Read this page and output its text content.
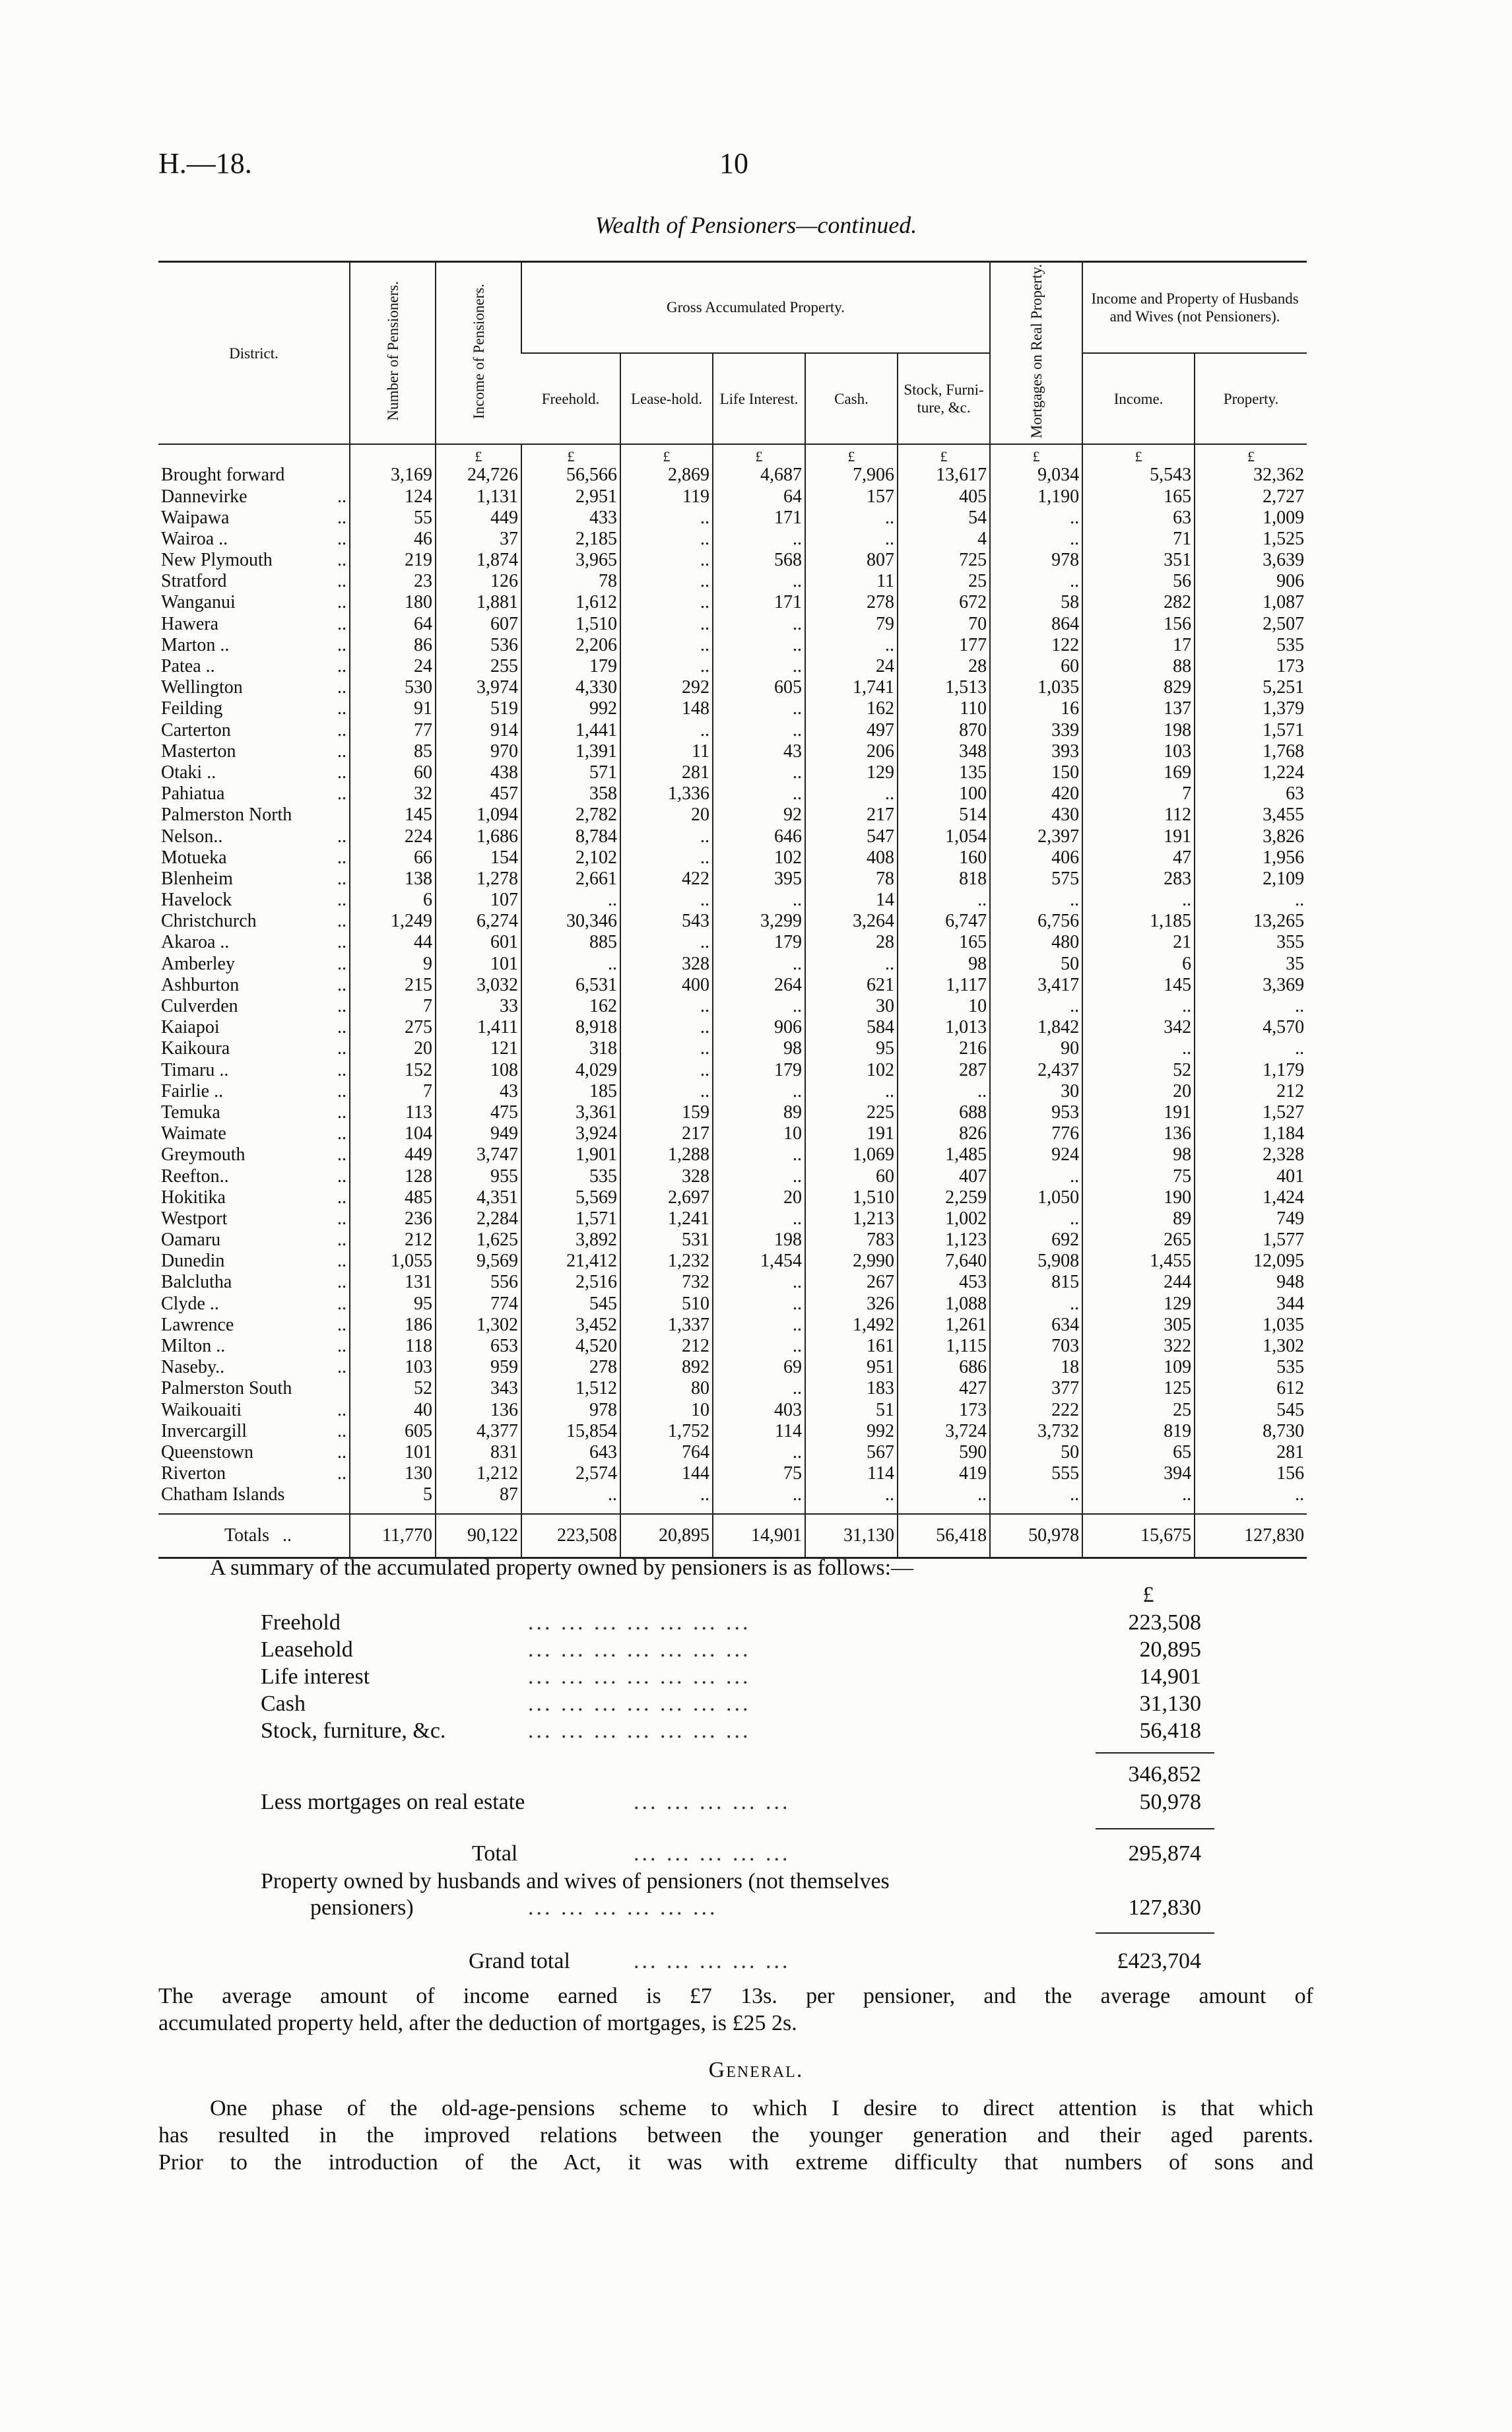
H.—18.	10
Wealth of Pensioners—continued.
District.	Number of Pensioners.	Income of Pensioners.	Gross Accumulated Property.					Mortgages on Real Property.	Income and Property of Husbands and Wives (not Pensioners).	
			Freehold.	Lease-hold.	Life Interest.	Cash.	Stock, Furni-ture, &c.		Income.	Property.
		£	£	£	£	£	£	£	£	£
Brought forward	3,169	24,726	56,566	2,869	4,687	7,906	13,617	9,034	5,543	32,362
Dannevirke ..	124	1,131	2,951	119	64	157	405	1,190	165	2,727
Waipawa ..	55	449	433	..	171	..	54	..	63	1,009
Wairoa .. ..	46	37	2,185	..	..	..	4	..	71	1,525
New Plymouth ..	219	1,874	3,965	..	568	807	725	978	351	3,639
Stratford ..	23	126	78	..	..	11	25	..	56	906
Wanganui ..	180	1,881	1,612	..	171	278	672	58	282	1,087
Hawera ..	64	607	1,510	..	..	79	70	864	156	2,507
Marton .. ..	86	536	2,206	..	..	..	177	122	17	535
Patea .. ..	24	255	179	..	..	24	28	60	88	173
Wellington ..	530	3,974	4,330	292	605	1,741	1,513	1,035	829	5,251
Feilding ..	91	519	992	148	..	162	110	16	137	1,379
Carterton ..	77	914	1,441	..	..	497	870	339	198	1,571
Masterton ..	85	970	1,391	11	43	206	348	393	103	1,768
Otaki .. ..	60	438	571	281	..	129	135	150	169	1,224
Pahiatua ..	32	457	358	1,336	..	..	100	420	7	63
Palmerston North	145	1,094	2,782	20	92	217	514	430	112	3,455
Nelson.. ..	224	1,686	8,784	..	646	547	1,054	2,397	191	3,826
Motueka ..	66	154	2,102	..	102	408	160	406	47	1,956
Blenheim ..	138	1,278	2,661	422	395	78	818	575	283	2,109
Havelock ..	6	107	..	..	..	14	..	..	..	..
Christchurch ..	1,249	6,274	30,346	543	3,299	3,264	6,747	6,756	1,185	13,265
Akaroa .. ..	44	601	885	..	179	28	165	480	21	355
Amberley ..	9	101	..	328	..	..	98	50	6	35
Ashburton ..	215	3,032	6,531	400	264	621	1,117	3,417	145	3,369
Culverden ..	7	33	162	..	..	30	10	..	..	..
Kaiapoi ..	275	1,411	8,918	..	906	584	1,013	1,842	342	4,570
Kaikoura ..	20	121	318	..	98	95	216	90	..	..
Timaru .. ..	152	108	4,029	..	179	102	287	2,437	52	1,179
Fairlie .. ..	7	43	185	..	..	..	..	30	20	212
Temuka ..	113	475	3,361	159	89	225	688	953	191	1,527
Waimate ..	104	949	3,924	217	10	191	826	776	136	1,184
Greymouth ..	449	3,747	1,901	1,288	..	1,069	1,485	924	98	2,328
Reefton.. ..	128	955	535	328	..	60	407	..	75	401
Hokitika ..	485	4,351	5,569	2,697	20	1,510	2,259	1,050	190	1,424
Westport ..	236	2,284	1,571	1,241	..	1,213	1,002	..	89	749
Oamaru ..	212	1,625	3,892	531	198	783	1,123	692	265	1,577
Dunedin ..	1,055	9,569	21,412	1,232	1,454	2,990	7,640	5,908	1,455	12,095
Balclutha ..	131	556	2,516	732	..	267	453	815	244	948
Clyde .. ..	95	774	545	510	..	326	1,088	..	129	344
Lawrence ..	186	1,302	3,452	1,337	..	1,492	1,261	634	305	1,035
Milton .. ..	118	653	4,520	212	..	161	1,115	703	322	1,302
Naseby.. ..	103	959	278	892	69	951	686	18	109	535
Palmerston South	52	343	1,512	80	..	183	427	377	125	612
Waikouaiti ..	40	136	978	10	403	51	173	222	25	545
Invercargill ..	605	4,377	15,854	1,752	114	992	3,724	3,732	819	8,730
Queenstown ..	101	831	643	764	..	567	590	50	65	281
Riverton ..	130	1,212	2,574	144	75	114	419	555	394	156
Chatham Islands	5	87	..	..	..	..	..	..	..	..

Totals ..	11,770	90,122	223,508	20,895	14,901	31,130	56,418	50,978	15,675	127,830
A summary of the accumulated property owned by pensioners is as follows:—
£
Freehold	... ... ... ... ... ... ...	223,508
Leasehold	... ... ... ... ... ... ...	20,895
Life interest	... ... ... ... ... ... ...	14,901
Cash	... ... ... ... ... ... ...	31,130
Stock, furniture, &c.	... ... ... ... ... ... ...	56,418
346,852
Less mortgages on real estate	... ... ... ... ...	50,978
Total	... ... ... ... ...	295,874
Property owned by husbands and wives of pensioners (not themselves
pensioners)	... ... ... ... ... ...	127,830
Grand total	... ... ... ... ...	£423,704
The average amount of income earned is £7 13s. per pensioner, and the average amount of
accumulated property held, after the deduction of mortgages, is £25 2s.
General.
One phase of the old-age-pensions scheme to which I desire to direct attention is that which
has resulted in the improved relations between the younger generation and their aged parents.
Prior to the introduction of the Act, it was with extreme difficulty that numbers of sons and
